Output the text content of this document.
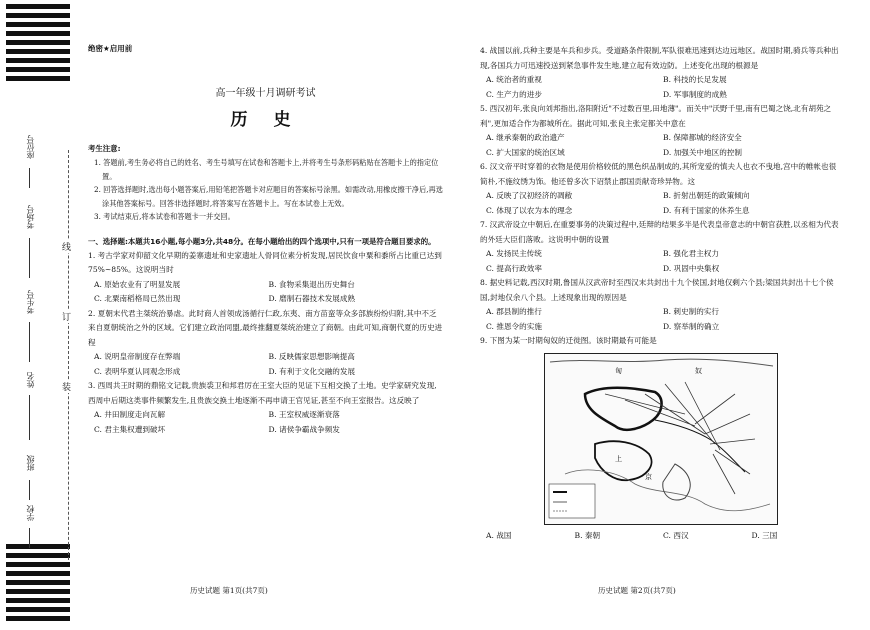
座位号
考场号
考生号
姓名
班级
学校
线
订
装
绝密★启用前
高一年级十月调研考试
历 史
考生注意:
1. 答题前,考生务必将自己的姓名、考生号填写在试卷和答题卡上,并将考生号条形码粘贴在答题卡上的指定位置。
2. 回答选择题时,选出每小题答案后,用铅笔把答题卡对应题目的答案标号涂黑。如需改动,用橡皮擦干净后,再选涂其他答案标号。回答非选择题时,将答案写在答题卡上。写在本试卷上无效。
3. 考试结束后,将本试卷和答题卡一并交回。
一、选择题:本题共16小题,每小题3分,共48分。在每小题给出的四个选项中,只有一项是符合题目要求的。
1. 考古学家对仰韶文化早期的姜寨遗址和史家遗址人骨同位素分析发现,居民饮食中粟和黍所占比重已达到75%~85%。这说明当时
A. 原始农业有了明显发展	B. 食物采集退出历史舞台
C. 北粟南稻格局已然出现	D. 磨制石器技术发展成熟
2. 夏朝末代君主桀统治暴虐。此时商人首领成汤循行仁政,东夷、南方苗蛮等众多部族纷纷归附,其中不乏来自夏朝统治之外的区域。它们建立政治同盟,最终推翻夏桀统治建立了商朝。由此可知,商朝代夏的历史进程
A. 说明皇帝制度存在弊端	B. 反映儒家思想影响提高
C. 表明华夏认同观念形成	D. 有利于文化交融的发展
3. 西周共王时期的鼎铭文记载,贵族裘卫和邦君厉在王室大臣的见证下互相交换了土地。史学家研究发现,西周中后期这类事件频繁发生,且贵族交换土地逐渐不再申请王官见证,甚至不向王室报告。这反映了
A. 井田制度走向瓦解	B. 王室权威逐渐衰落
C. 君主集权遭到破坏	D. 诸侯争霸战争频发
历史试题 第1页(共7页)
4. 战国以前,兵种主要是车兵和步兵。受道路条件限制,军队很难迅速到达边远地区。战国时期,骑兵等兵种出现,各国兵力可迅速投送到紧急事件发生地,建立起有效边防。上述变化出现的根源是
A. 统治者的重视	B. 科技的长足发展
C. 生产力的进步	D. 军事制度的成熟
5. 西汉初年,张良向刘邦指出,洛阳附近"不过数百里,田地薄"。而关中"沃野千里,南有巴蜀之饶,北有胡苑之利",更加适合作为都城所在。据此可知,张良主张定都关中意在
A. 继承秦朝的政治遗产	B. 保障都城的经济安全
C. 扩大国家的统治区域	D. 加强关中地区的控制
6. 汉文帝平时穿着的衣物是使用价格较低的黑色织品制成的,其所宠爱的慎夫人也衣不曳地,宫中的帷帐也很简朴,不施纹绣为饰。他还曾多次下诏禁止郡国贡献奇珍异物。这
A. 反映了汉初经济的凋敝	B. 折射出朝廷的政策倾向
C. 体现了以农为本的理念	D. 有利于国家的休养生息
7. 汉武帝设立中朝后,在重要事务的决策过程中,廷辩的结果多半是代表皇帝意志的中朝官获胜,以丞相为代表的外廷大臣们落败。这说明中朝的设置
A. 发扬民主传统	B. 强化君主权力
C. 提高行政效率	D. 巩固中央集权
8. 据史料记载,西汉时期,鲁国从汉武帝时至西汉末共封出十九个侯国,封地仅剩六个县;梁国共封出十七个侯国,封地仅余八个县。上述现象出现的原因是
A. 郡县制的推行	B. 刺史制的实行
C. 推恩令的实施	D. 察举制的确立
9. 下图为某一时期匈奴的迁徙图。该时期最有可能是
匈	奴
上
京
A. 战国	B. 秦朝	C. 西汉	D. 三国
历史试题 第2页(共7页)
